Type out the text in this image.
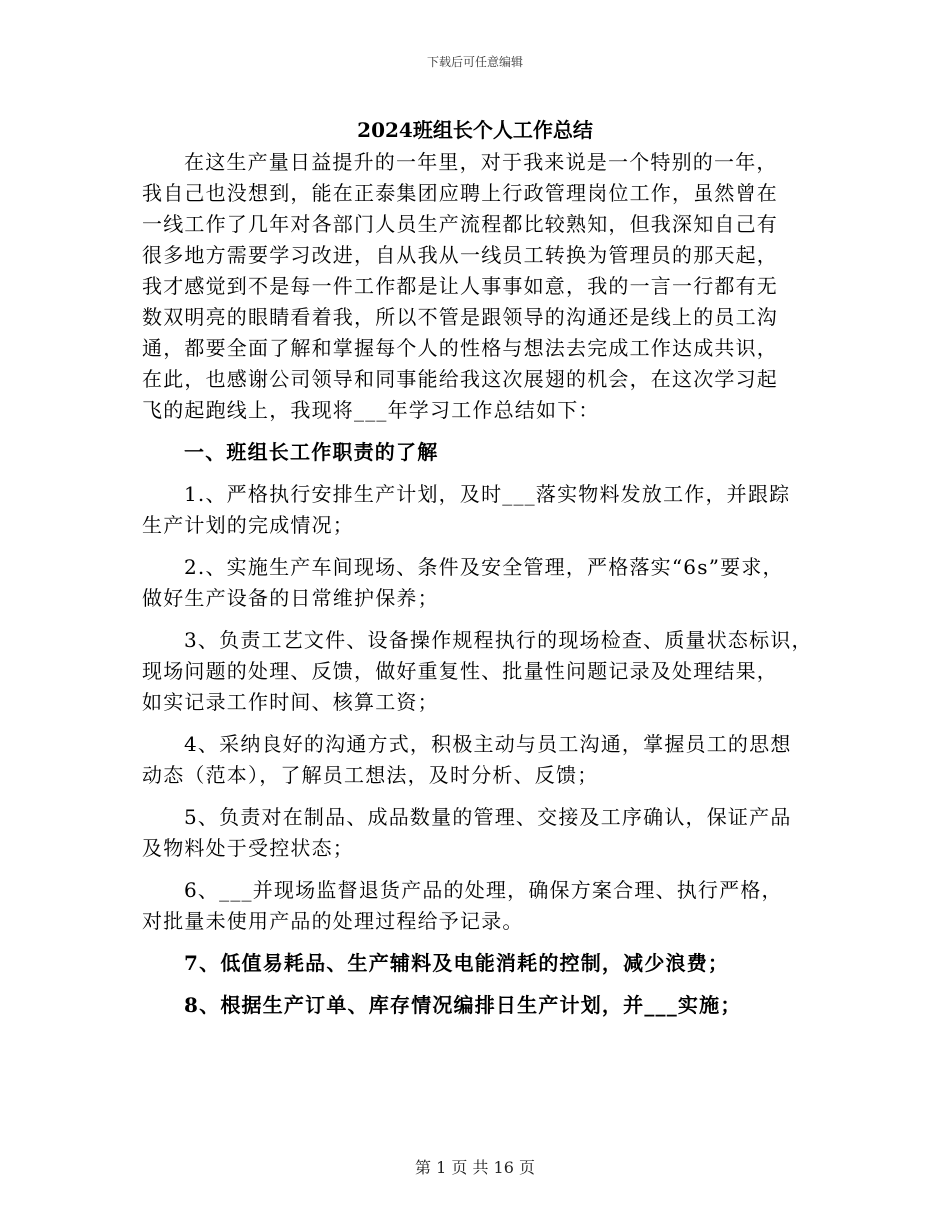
下载后可任意编辑
2024班组长个人工作总结
在这生产量日益提升的一年里，对于我来说是一个特别的一年，
我自己也没想到，能在正泰集团应聘上行政管理岗位工作，虽然曾在
一线工作了几年对各部门人员生产流程都比较熟知，但我深知自己有
很多地方需要学习改进，自从我从一线员工转换为管理员的那天起，
我才感觉到不是每一件工作都是让人事事如意，我的一言一行都有无
数双明亮的眼睛看着我，所以不管是跟领导的沟通还是线上的员工沟
通，都要全面了解和掌握每个人的性格与想法去完成工作达成共识，
在此，也感谢公司领导和同事能给我这次展翅的机会，在这次学习起
飞的起跑线上，我现将___年学习工作总结如下：
一、班组长工作职责的了解
1.、严格执行安排生产计划，及时___落实物料发放工作，并跟踪
生产计划的完成情况；
2.、实施生产车间现场、条件及安全管理，严格落实“6s”要求，
做好生产设备的日常维护保养；
3、负责工艺文件、设备操作规程执行的现场检查、质量状态标识，
现场问题的处理、反馈，做好重复性、批量性问题记录及处理结果，
如实记录工作时间、核算工资；
4、采纳良好的沟通方式，积极主动与员工沟通，掌握员工的思想
动态（范本），了解员工想法，及时分析、反馈；
5、负责对在制品、成品数量的管理、交接及工序确认，保证产品
及物料处于受控状态；
6、___并现场监督退货产品的处理，确保方案合理、执行严格，
对批量未使用产品的处理过程给予记录。
7、低值易耗品、生产辅料及电能消耗的控制，减少浪费；
8、根据生产订单、库存情况编排日生产计划，并___实施；
第 1 页 共 16 页
